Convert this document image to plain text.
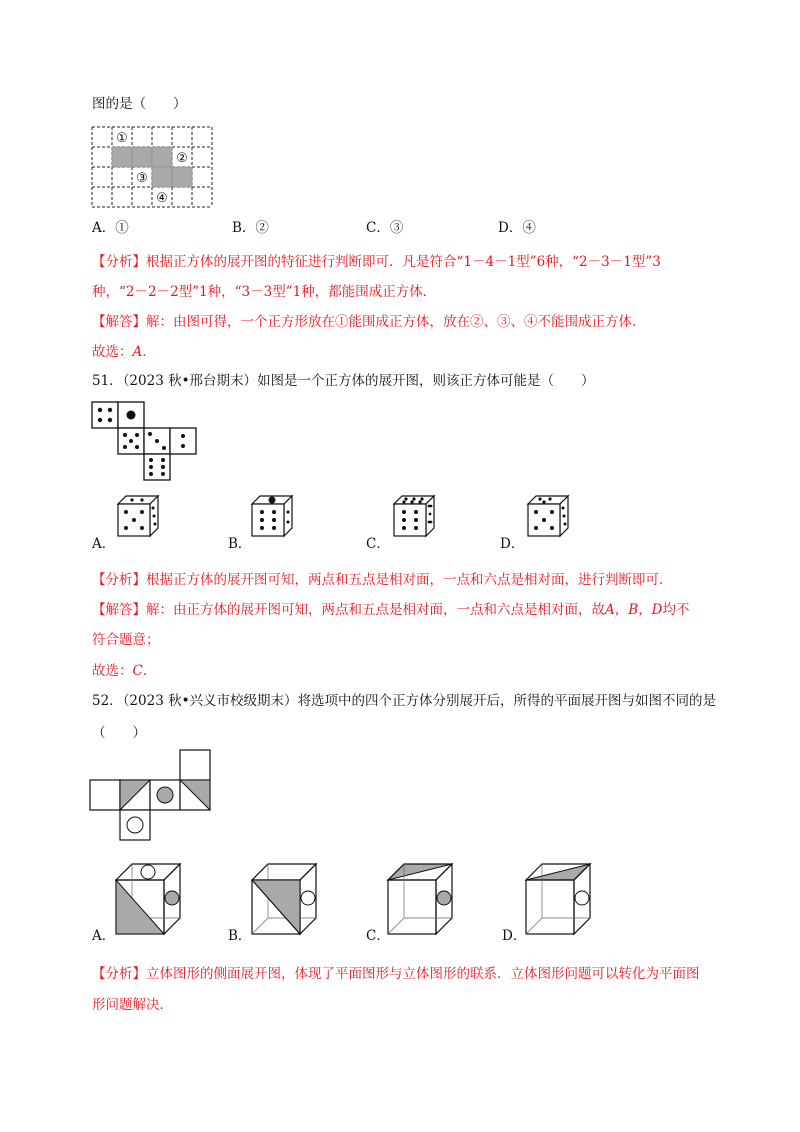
图的是（　　）
①
②
③
④
A．①	B．②	C．③	D．④
【分析】根据正方体的展开图的特征进行判断即可．凡是符合“1－4－1型”6种，“2－3－1型”3
种，“2－2－2型”1种，“3－3型”1种，都能围成正方体．
【解答】解：由图可得，一个正方形放在①能围成正方体，放在②、③、④不能围成正方体．
故选：A．
51．（2023 秋•邢台期末）如图是一个正方体的展开图，则该正方体可能是（　　）
A．	B．	C．	D．
【分析】根据正方体的展开图可知，两点和五点是相对面，一点和六点是相对面，进行判断即可．
【解答】解：由正方体的展开图可知，两点和五点是相对面，一点和六点是相对面，故A，B，D均不
符合题意；
故选：C．
52．（2023 秋•兴义市校级期末）将选项中的四个正方体分别展开后，所得的平面展开图与如图不同的是
（　　）
A．	B．	C．	D．
【分析】立体图形的侧面展开图，体现了平面图形与立体图形的联系．立体图形问题可以转化为平面图
形问题解决．
